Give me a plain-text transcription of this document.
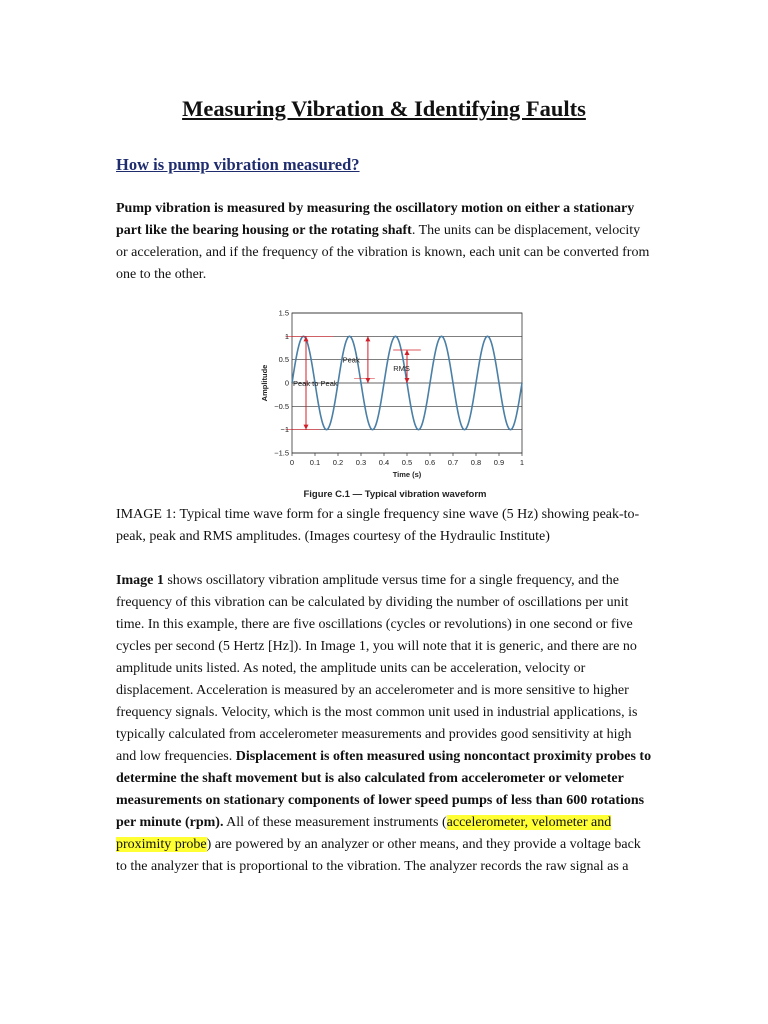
Measuring Vibration & Identifying Faults
How is pump vibration measured?

Pump vibration is measured by measuring the oscillatory motion on either a stationary part like the bearing housing or the rotating shaft. The units can be displacement, velocity or acceleration, and if the frequency of the vibration is known, each unit can be converted from one to the other.

IMAGE 1: Typical time wave form for a single frequency sine wave (5 Hz) showing peak-to-peak, peak and RMS amplitudes. (Images courtesy of the Hydraulic Institute)

Image 1 shows oscillatory vibration amplitude versus time for a single frequency, and the frequency of this vibration can be calculated by dividing the number of oscillations per unit time. In this example, there are five oscillations (cycles or revolutions) in one second or five cycles per second (5 Hertz [Hz]). In Image 1, you will note that it is generic, and there are no amplitude units listed. As noted, the amplitude units can be acceleration, velocity or displacement. Acceleration is measured by an accelerometer and is more sensitive to higher frequency signals. Velocity, which is the most common unit used in industrial applications, is typically calculated from accelerometer measurements and provides good sensitivity at high and low frequencies. Displacement is often measured using noncontact proximity probes to determine the shaft movement but is also calculated from accelerometer or velometer measurements on stationary components of lower speed pumps of less than 600 rotations per minute (rpm). All of these measurement instruments (accelerometer, velometer and proximity probe) are powered by an analyzer or other means, and they provide a voltage back to the analyzer that is proportional to the vibration. The analyzer records the raw signal as a

Peak to Peak
Peak
RMS
1.5
1
0.5
0
−0.5
−1
−1.5
0 0.1 0.2 0.3 0.4 0.5 0.6 0.7 0.8 0.9 1
Time (s)
Amplitude
Figure C.1 — Typical vibration waveform
